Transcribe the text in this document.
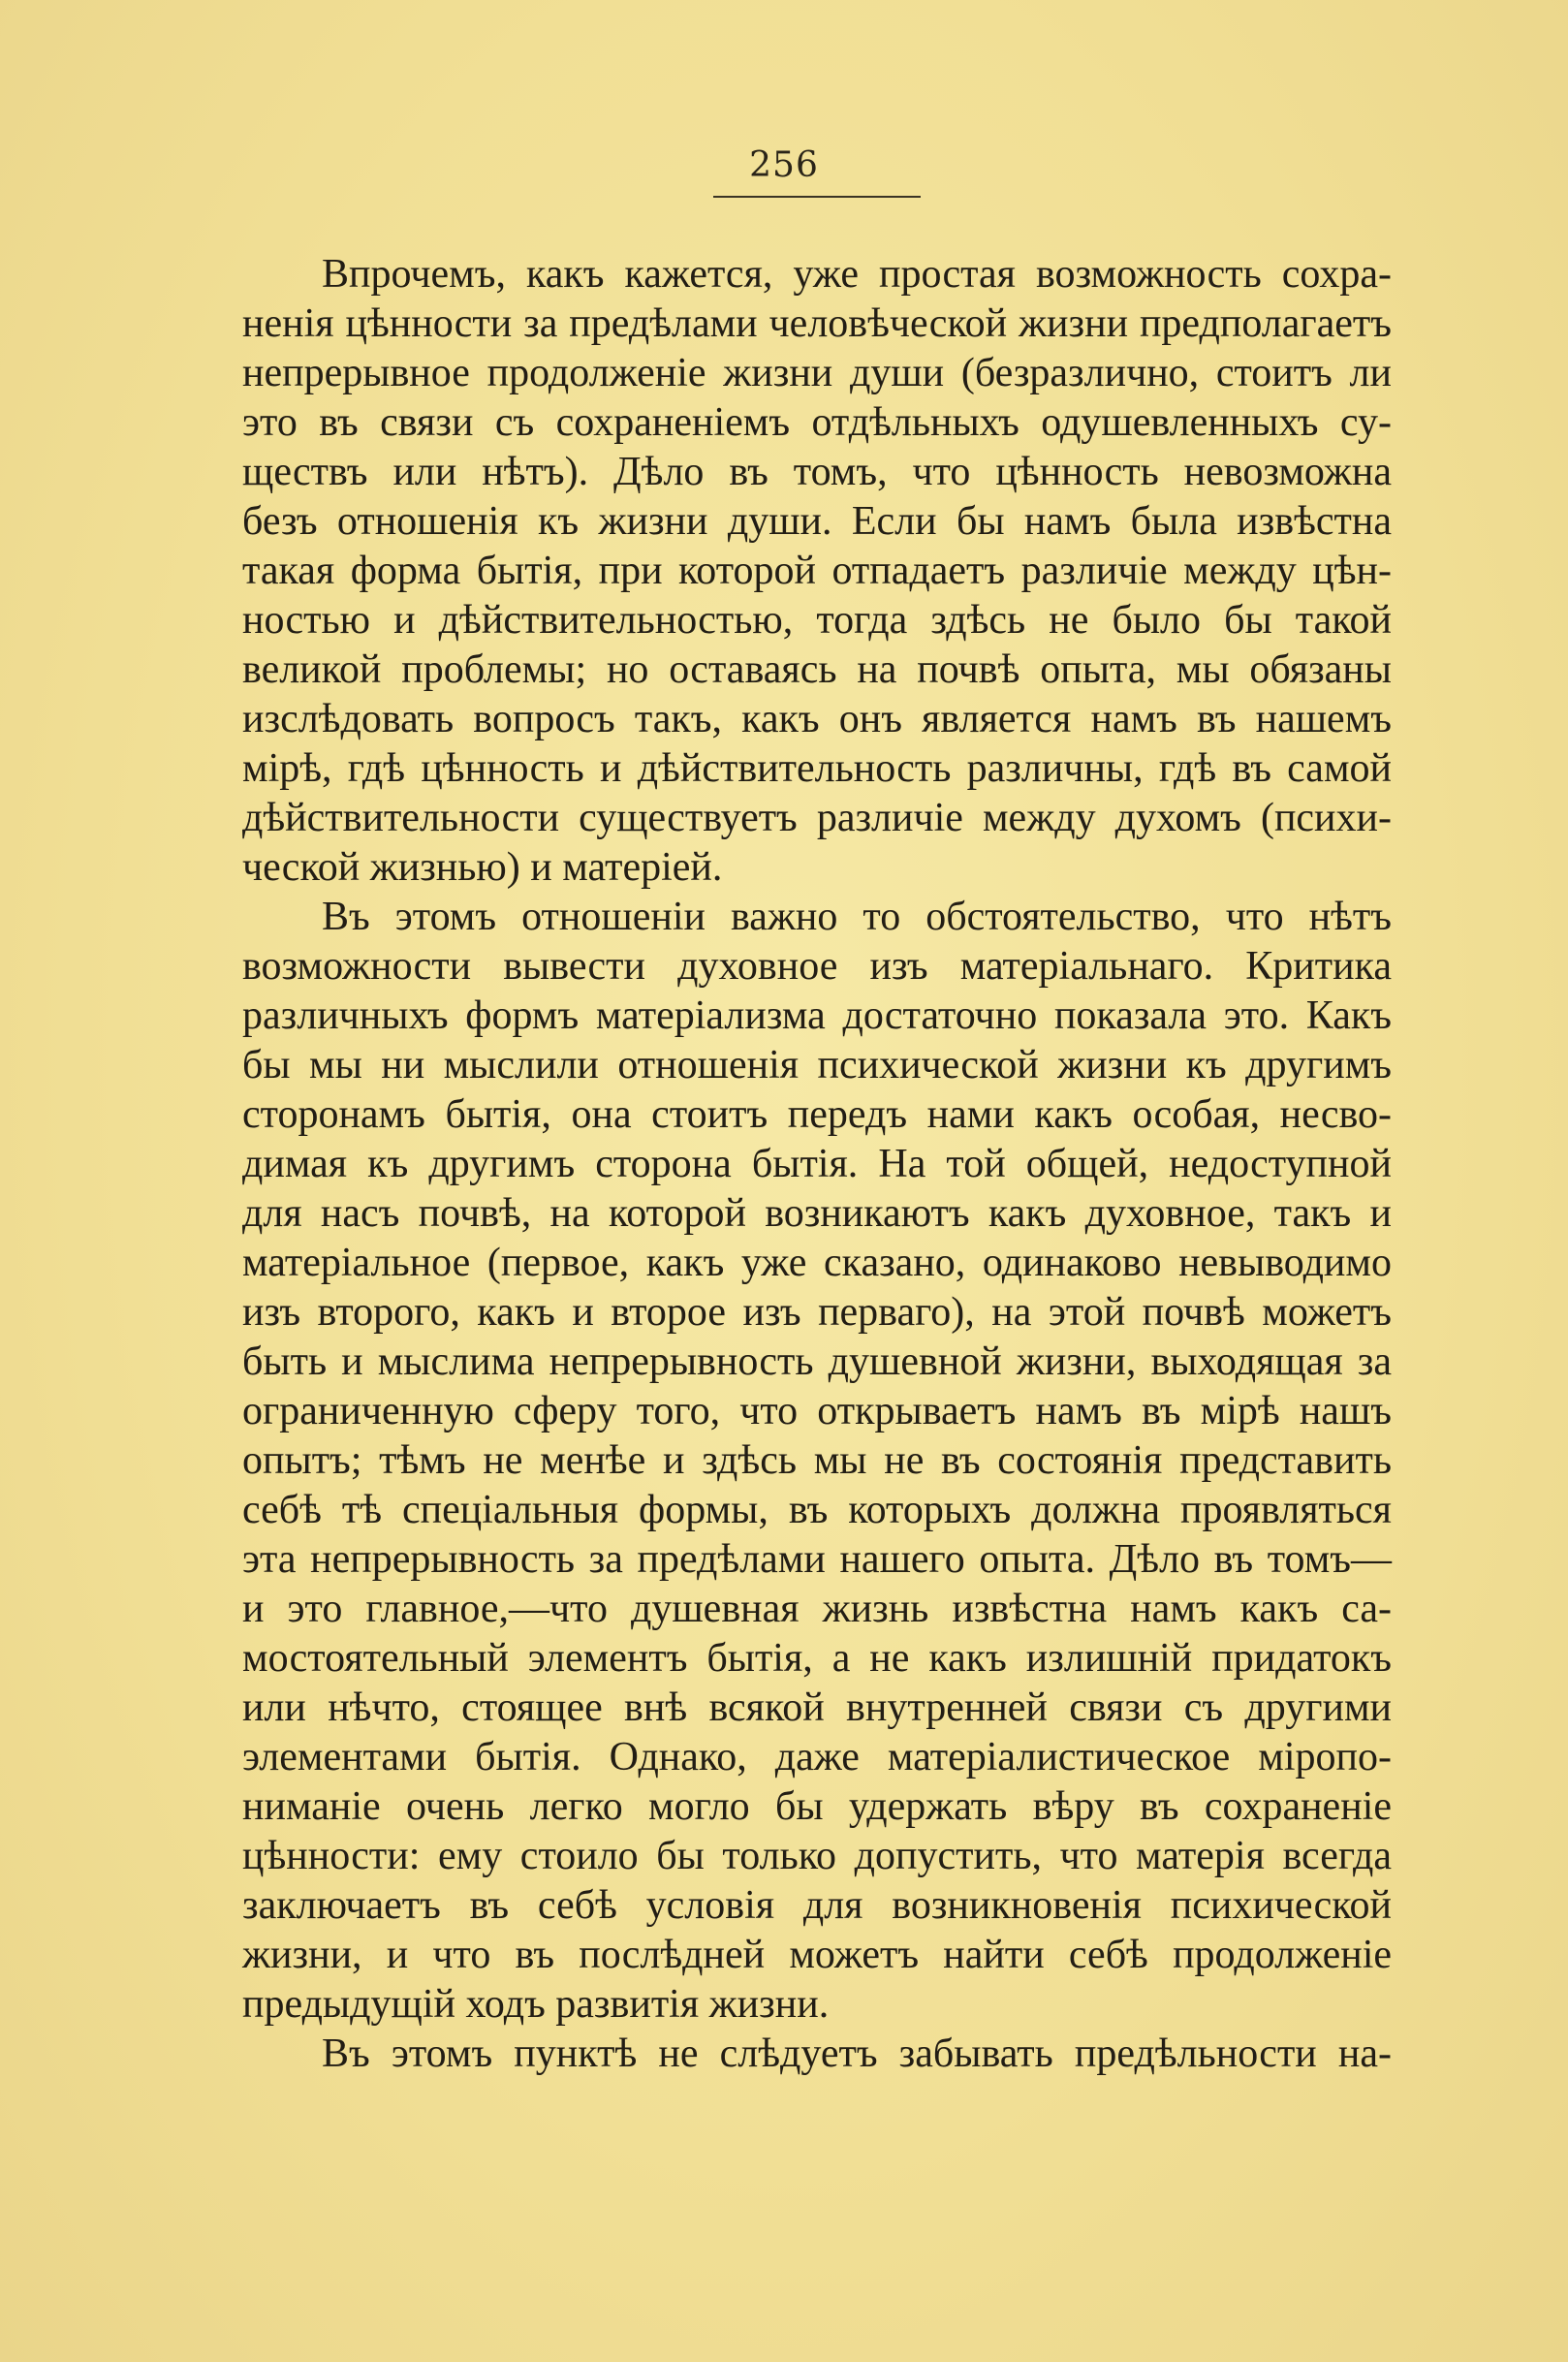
256
Впрочемъ, какъ кажется, уже простая возможность сохра-
ненія цѣнности за предѣлами человѣческой жизни предполагаетъ
непрерывное продолженіе жизни души (безразлично, стоитъ ли
это въ связи съ сохраненіемъ отдѣльныхъ одушевленныхъ су-
ществъ или нѣтъ). Дѣло въ томъ, что цѣнность невозможна
безъ отношенія къ жизни души. Если бы намъ была извѣстна
такая форма бытія, при которой отпадаетъ различіе между цѣн-
ностью и дѣйствительностью, тогда здѣсь не было бы такой
великой проблемы; но оставаясь на почвѣ опыта, мы обязаны
изслѣдовать вопросъ такъ, какъ онъ является намъ въ нашемъ
мірѣ, гдѣ цѣнность и дѣйствительность различны, гдѣ въ самой
дѣйствительности существуетъ различіе между духомъ (психи-
ческой жизнью) и матеріей.
Въ этомъ отношеніи важно то обстоятельство, что нѣтъ
возможности вывести духовное изъ матеріальнаго. Критика
различныхъ формъ матеріализма достаточно показала это. Какъ
бы мы ни мыслили отношенія психической жизни къ другимъ
сторонамъ бытія, она стоитъ передъ нами какъ особая, несво-
димая къ другимъ сторона бытія. На той общей, недоступной
для насъ почвѣ, на которой возникаютъ какъ духовное, такъ и
матеріальное (первое, какъ уже сказано, одинаково невыводимо
изъ второго, какъ и второе изъ перваго), на этой почвѣ можетъ
быть и мыслима непрерывность душевной жизни, выходящая за
ограниченную сферу того, что открываетъ намъ въ мірѣ нашъ
опытъ; тѣмъ не менѣе и здѣсь мы не въ состоянія представить
себѣ тѣ спеціальныя формы, въ которыхъ должна проявляться
эта непрерывность за предѣлами нашего опыта. Дѣло въ томъ—
и это главное,—что душевная жизнь извѣстна намъ какъ са-
мостоятельный элементъ бытія, а не какъ излишній придатокъ
или нѣчто, стоящее внѣ всякой внутренней связи съ другими
элементами бытія. Однако, даже матеріалистическое міропо-
ниманіе очень легко могло бы удержать вѣру въ сохраненіе
цѣнности: ему стоило бы только допустить, что матерія всегда
заключаетъ въ себѣ условія для возникновенія психической
жизни, и что въ послѣдней можетъ найти себѣ продолженіе
предыдущій ходъ развитія жизни.
Въ этомъ пунктѣ не слѣдуетъ забывать предѣльности на-
